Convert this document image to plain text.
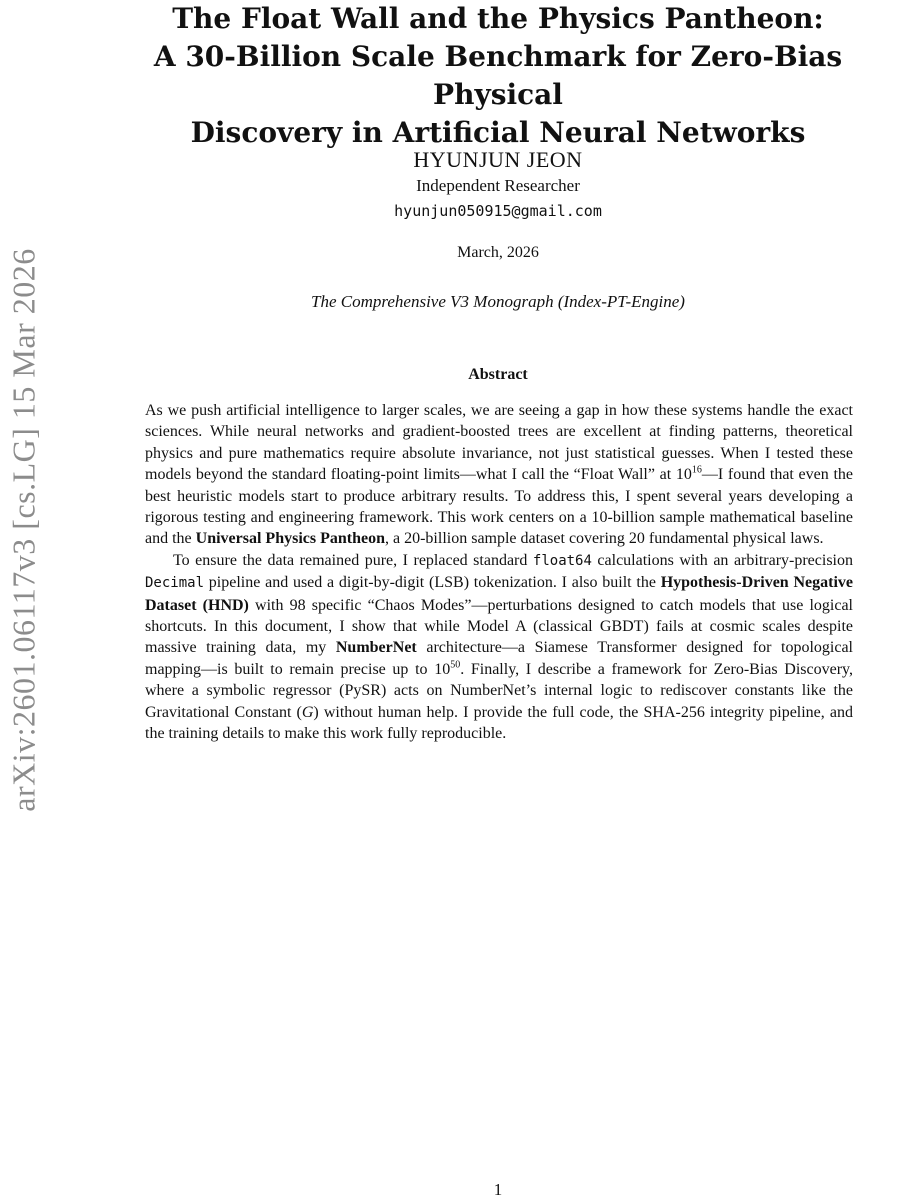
arXiv:2601.06117v3 [cs.LG] 15 Mar 2026
The Float Wall and the Physics Pantheon:
A 30-Billion Scale Benchmark for Zero-Bias Physical
Discovery in Artificial Neural Networks
HYUNJUN JEON
Independent Researcher
hyunjun050915@gmail.com
March, 2026
The Comprehensive V3 Monograph (Index-PT-Engine)
Abstract

As we push artificial intelligence to larger scales, we are seeing a gap in how these systems handle the exact sciences. While neural networks and gradient-boosted trees are excellent at finding patterns, theoretical physics and pure mathematics require absolute invariance, not just statistical guesses. When I tested these models beyond the standard floating-point limits—what I call the “Float Wall” at $10^{16}—I$ found that even the best heuristic models start to produce arbitrary results. To address this, I spent several years developing a rigorous testing and engineering framework. This work centers on a 10-billion sample mathematical baseline and the Universal Physics Pantheon, a 20-billion sample dataset covering 20 fundamental physical laws.

To ensure the data remained pure, I replaced standard float64 calculations with an arbitrary-precision Decimal pipeline and used a digit-by-digit (LSB) tokenization. I also built the Hypothesis-Driven Negative Dataset (HND) with 98 specific “Chaos Modes”—perturbations designed to catch models that use logical shortcuts. In this document, I show that while Model A (classical GBDT) fails at cosmic scales despite massive training data, my NumberNet architecture—a Siamese Transformer designed for topological mapping—is built to remain precise up to $10^{50}$. Finally, I describe a framework for Zero-Bias Discovery, where a symbolic regressor (PySR) acts on NumberNet’s internal logic to rediscover constants like the Gravitational Constant (G) without human help. I provide the full code, the SHA-256 integrity pipeline, and the training details to make this work fully reproducible.

1
